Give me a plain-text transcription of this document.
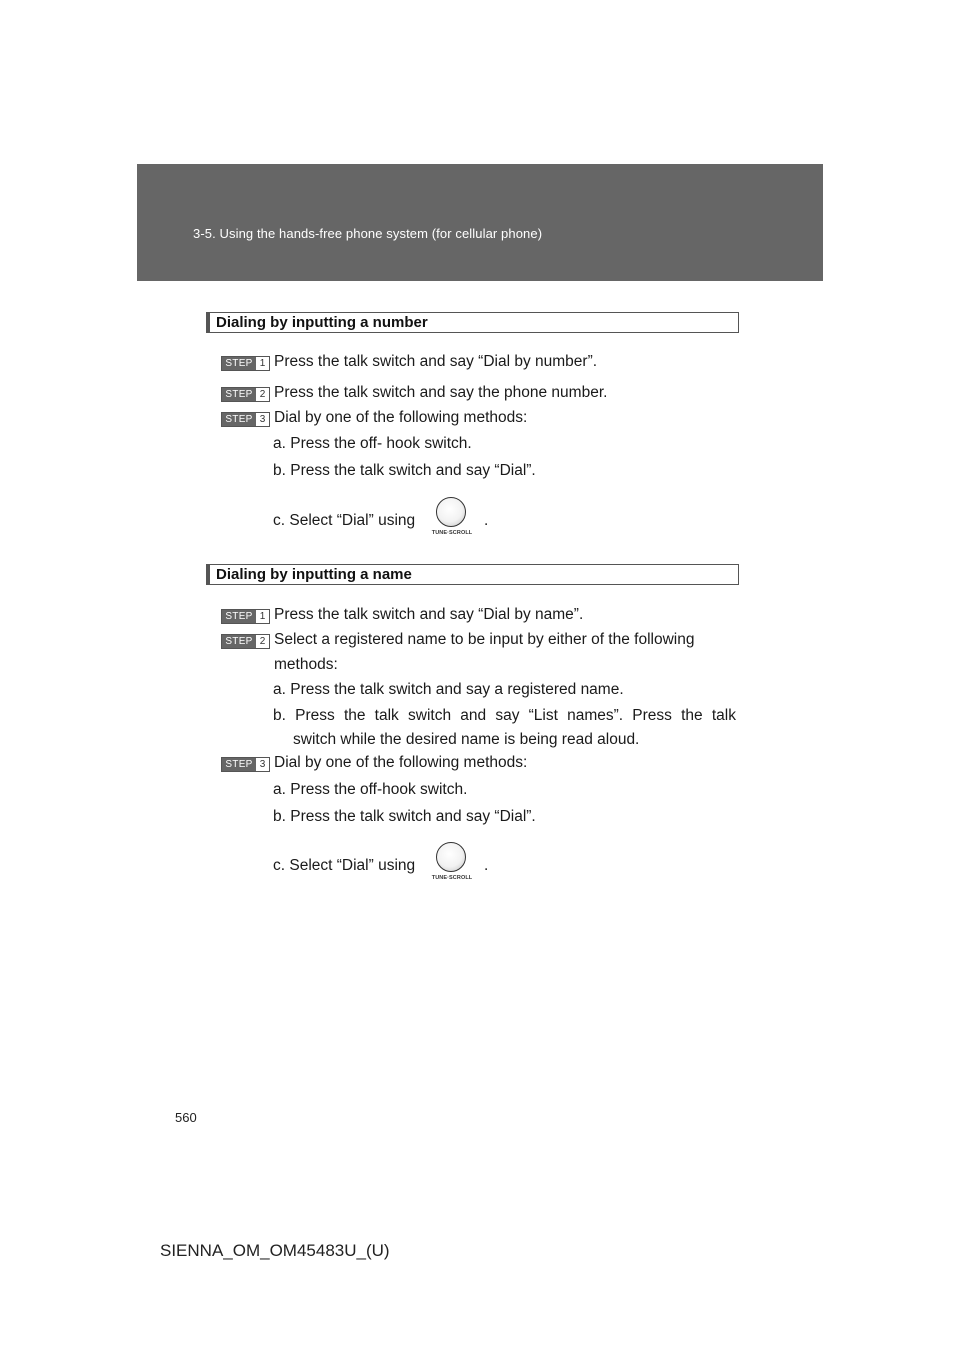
3-5. Using the hands-free phone system (for cellular phone)
Dialing by inputting a number
STEP 1 Press the talk switch and say “Dial by number”.
STEP 2 Press the talk switch and say the phone number.
STEP 3 Dial by one of the following methods:
a. Press the off- hook switch.
b. Press the talk switch and say “Dial”.
c. Select “Dial” using
TUNE·SCROLL
.
Dialing by inputting a name
STEP 1 Press the talk switch and say “Dial by name”.
STEP 2 Select a registered name to be input by either of the following
methods:
a. Press the talk switch and say a registered name.
b. Press the talk switch and say “List names”. Press the talk
switch while the desired name is being read aloud.
STEP 3 Dial by one of the following methods:
a. Press the off-hook switch.
b. Press the talk switch and say “Dial”.
c. Select “Dial” using
TUNE·SCROLL
.
560
SIENNA_OM_OM45483U_(U)
